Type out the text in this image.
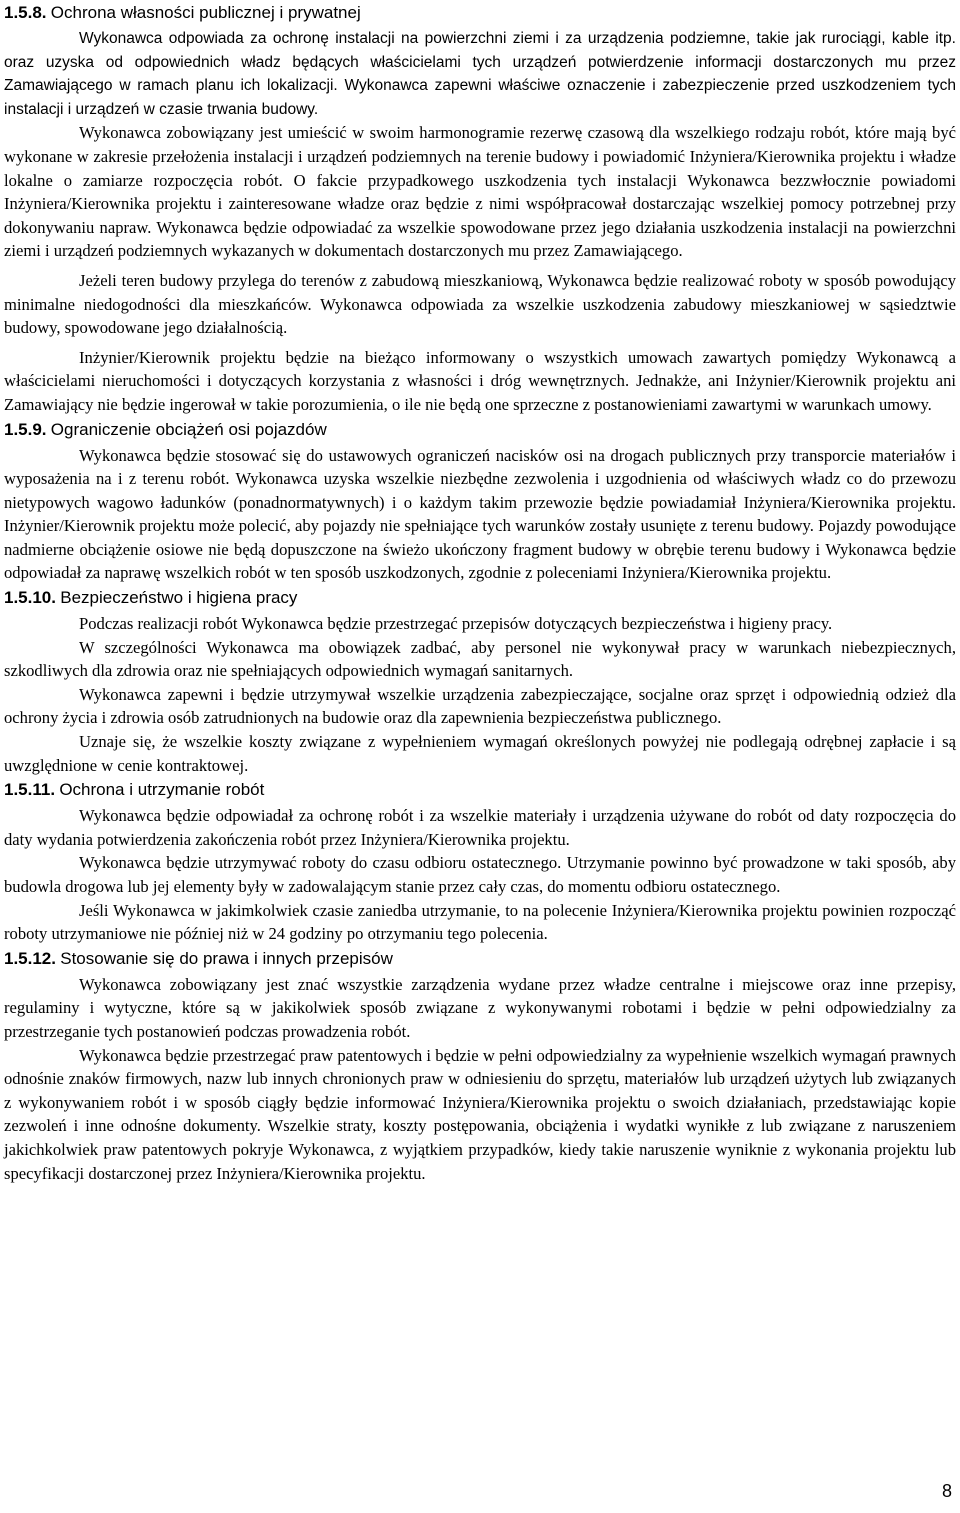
1.5.8. Ochrona własności publicznej i prywatnej

Wykonawca odpowiada za ochronę instalacji na powierzchni ziemi i za urządzenia podziemne, takie jak rurociągi, kable itp. oraz uzyska od odpowiednich władz będących właścicielami tych urządzeń potwierdzenie informacji dostarczonych mu przez Zamawiającego w ramach planu ich lokalizacji. Wykonawca zapewni właściwe oznaczenie i zabezpieczenie przed uszkodzeniem tych instalacji i urządzeń w czasie trwania budowy.

Wykonawca zobowiązany jest umieścić w swoim harmonogramie rezerwę czasową dla wszelkiego rodzaju robót, które mają być wykonane w zakresie przełożenia instalacji i urządzeń podziemnych na terenie budowy i powiadomić Inżyniera/Kierownika projektu i władze lokalne o zamiarze rozpoczęcia robót. O fakcie przypadkowego uszkodzenia tych instalacji Wykonawca bezzwłocznie powiadomi Inżyniera/Kierownika projektu i zainteresowane władze oraz będzie z nimi współpracował dostarczając wszelkiej pomocy potrzebnej przy dokonywaniu napraw. Wykonawca będzie odpowiadać za wszelkie spowodowane przez jego działania uszkodzenia instalacji na powierzchni ziemi i urządzeń podziemnych wykazanych w dokumentach dostarczonych mu przez Zamawiającego.

Jeżeli teren budowy przylega do terenów z zabudową mieszkaniową, Wykonawca będzie realizować roboty w sposób powodujący minimalne niedogodności dla mieszkańców. Wykonawca odpowiada za wszelkie uszkodzenia zabudowy mieszkaniowej w sąsiedztwie budowy, spowodowane jego działalnością.

Inżynier/Kierownik projektu będzie na bieżąco informowany o wszystkich umowach zawartych pomiędzy Wykonawcą a właścicielami nieruchomości i dotyczących korzystania z własności i dróg wewnętrznych. Jednakże, ani Inżynier/Kierownik projektu ani Zamawiający nie będzie ingerował w takie porozumienia, o ile nie będą one sprzeczne z postanowieniami zawartymi w warunkach umowy.

1.5.9. Ograniczenie obciążeń osi pojazdów

Wykonawca będzie stosować się do ustawowych ograniczeń nacisków osi na drogach publicznych przy transporcie materiałów i wyposażenia na i z terenu robót. Wykonawca uzyska wszelkie niezbędne zezwolenia i uzgodnienia od właściwych władz co do przewozu nietypowych wagowo ładunków (ponadnormatywnych) i o każdym takim przewozie będzie powiadamiał Inżyniera/Kierownika projektu. Inżynier/Kierownik projektu może polecić, aby pojazdy nie spełniające tych warunków zostały usunięte z terenu budowy. Pojazdy powodujące nadmierne obciążenie osiowe nie będą dopuszczone na świeżo ukończony fragment budowy w obrębie terenu budowy i Wykonawca będzie odpowiadał za naprawę wszelkich robót w ten sposób uszkodzonych, zgodnie z poleceniami Inżyniera/Kierownika projektu.

1.5.10. Bezpieczeństwo i higiena pracy

Podczas realizacji robót Wykonawca będzie przestrzegać przepisów dotyczących bezpieczeństwa i higieny pracy.

W szczególności Wykonawca ma obowiązek zadbać, aby personel nie wykonywał pracy w warunkach niebezpiecznych, szkodliwych dla zdrowia oraz nie spełniających odpowiednich wymagań sanitarnych.

Wykonawca zapewni i będzie utrzymywał wszelkie urządzenia zabezpieczające, socjalne oraz sprzęt i odpowiednią odzież dla ochrony życia i zdrowia osób zatrudnionych na budowie oraz dla zapewnienia bezpieczeństwa publicznego.

Uznaje się, że wszelkie koszty związane z wypełnieniem wymagań określonych powyżej nie podlegają odrębnej zapłacie i są uwzględnione w cenie kontraktowej.

1.5.11. Ochrona i utrzymanie robót

Wykonawca będzie odpowiadał za ochronę robót i za wszelkie materiały i urządzenia używane do robót od daty rozpoczęcia do daty wydania potwierdzenia zakończenia robót przez Inżyniera/Kierownika projektu.

Wykonawca będzie utrzymywać roboty do czasu odbioru ostatecznego. Utrzymanie powinno być prowadzone w taki sposób, aby budowla drogowa lub jej elementy były w zadowalającym stanie przez cały czas, do momentu odbioru ostatecznego.

Jeśli Wykonawca w jakimkolwiek czasie zaniedba utrzymanie, to na polecenie Inżyniera/Kierownika projektu powinien rozpocząć roboty utrzymaniowe nie później niż w 24 godziny po otrzymaniu tego polecenia.

1.5.12. Stosowanie się do prawa i innych przepisów

Wykonawca zobowiązany jest znać wszystkie zarządzenia wydane przez władze centralne i miejscowe oraz inne przepisy, regulaminy i wytyczne, które są w jakikolwiek sposób związane z wykonywanymi robotami i będzie w pełni odpowiedzialny za przestrzeganie tych postanowień podczas prowadzenia robót.

Wykonawca będzie przestrzegać praw patentowych i będzie w pełni odpowiedzialny za wypełnienie wszelkich wymagań prawnych odnośnie znaków firmowych, nazw lub innych chronionych praw w odniesieniu do sprzętu, materiałów lub urządzeń użytych lub związanych z wykonywaniem robót i w sposób ciągły będzie informować Inżyniera/Kierownika projektu o swoich działaniach, przedstawiając kopie zezwoleń i inne odnośne dokumenty. Wszelkie straty, koszty postępowania, obciążenia i wydatki wynikłe z lub związane z naruszeniem jakichkolwiek praw patentowych pokryje Wykonawca, z wyjątkiem przypadków, kiedy takie naruszenie wyniknie z wykonania projektu lub specyfikacji dostarczonej przez Inżyniera/Kierownika projektu.

8
